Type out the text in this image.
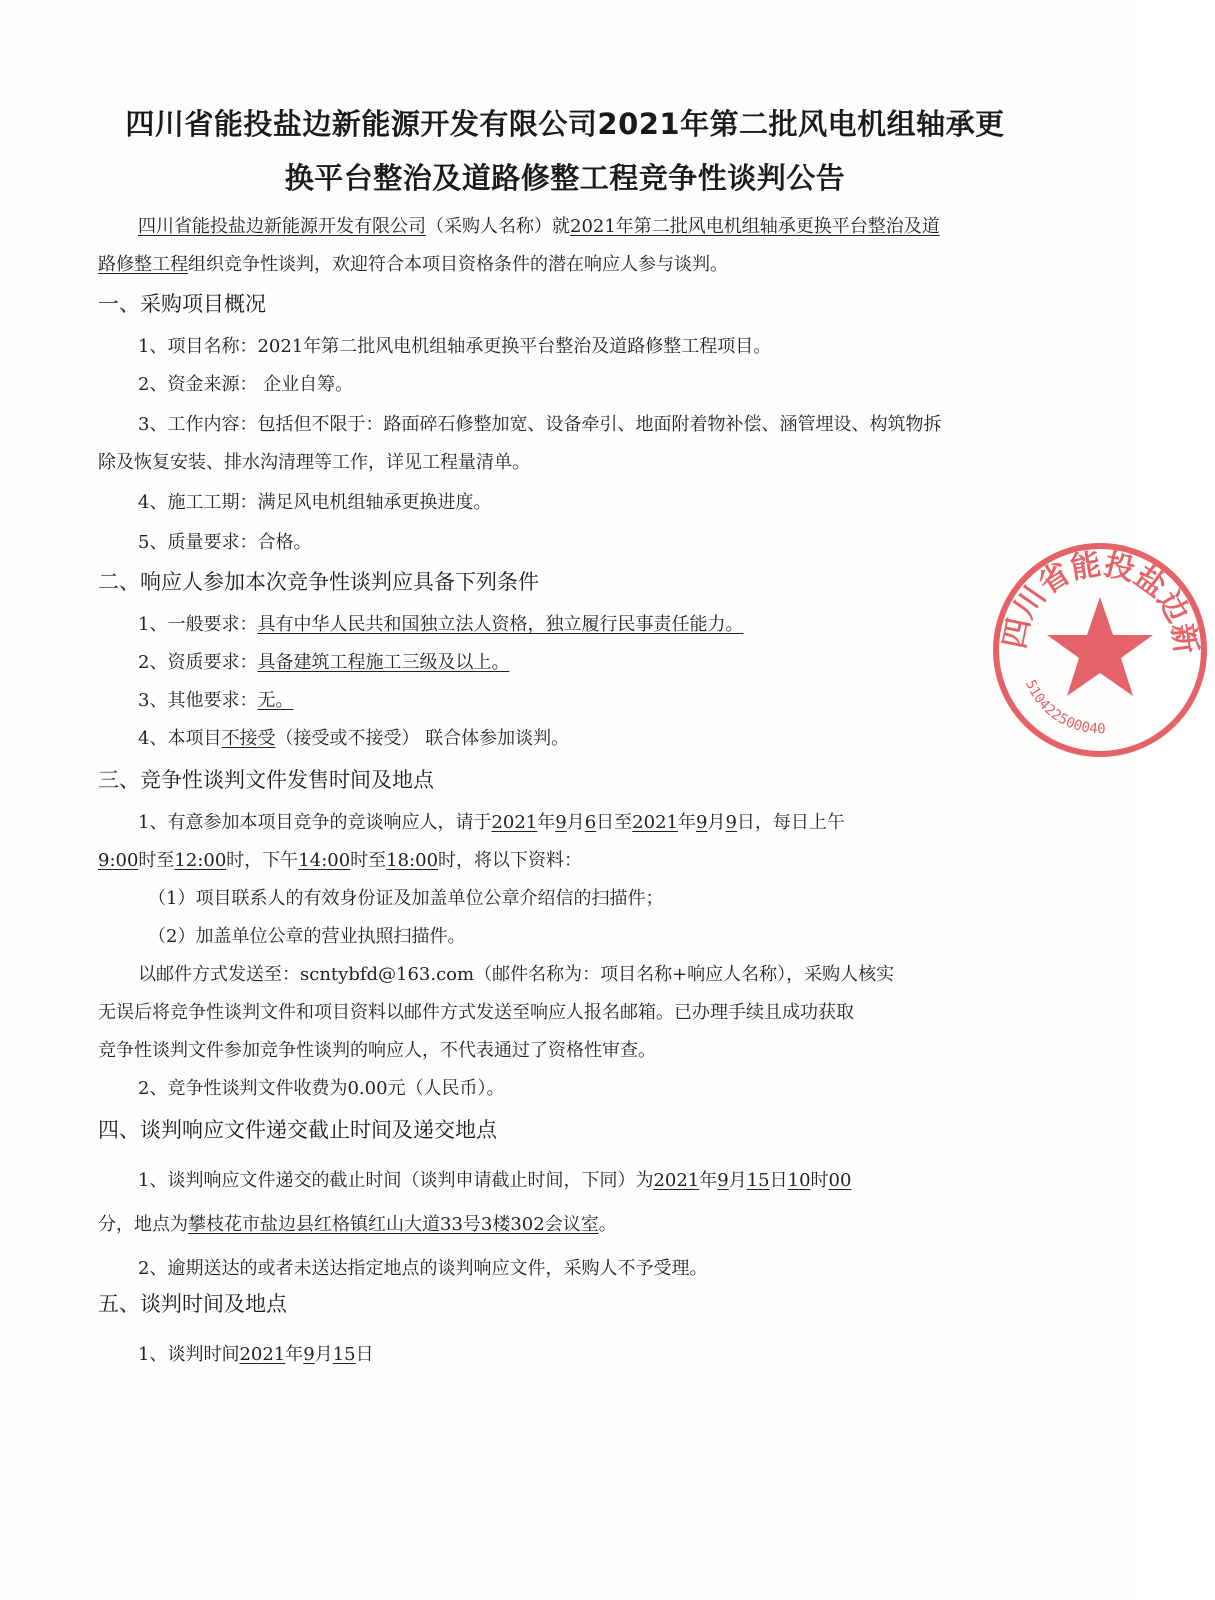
四川省能投盐边新能源开发有限公司2021年第二批风电机组轴承更
换平台整治及道路修整工程竞争性谈判公告
四川省能投盐边新能源开发有限公司（采购人名称）就2021年第二批风电机组轴承更换平台整治及道
路修整工程组织竞争性谈判，欢迎符合本项目资格条件的潜在响应人参与谈判。
一、采购项目概况
1、项目名称：2021年第二批风电机组轴承更换平台整治及道路修整工程项目。
2、资金来源： 企业自筹。
3、工作内容：包括但不限于：路面碎石修整加宽、设备牵引、地面附着物补偿、涵管埋设、构筑物拆
除及恢复安装、排水沟清理等工作，详见工程量清单。
4、施工工期：满足风电机组轴承更换进度。
5、质量要求：合格。
二、响应人参加本次竞争性谈判应具备下列条件
1、一般要求：具有中华人民共和国独立法人资格，独立履行民事责任能力。
2、资质要求：具备建筑工程施工三级及以上。
3、其他要求：无。
4、本项目不接受（接受或不接受） 联合体参加谈判。
三、竞争性谈判文件发售时间及地点
1、有意参加本项目竞争的竞谈响应人，请于2021年9月6日至2021年9月9日，每日上午
9:00时至12:00时，下午14:00时至18:00时，将以下资料：
（1）项目联系人的有效身份证及加盖单位公章介绍信的扫描件；
（2）加盖单位公章的营业执照扫描件。
以邮件方式发送至：scntybfd@163.com（邮件名称为：项目名称+响应人名称），采购人核实
无误后将竞争性谈判文件和项目资料以邮件方式发送至响应人报名邮箱。已办理手续且成功获取
竞争性谈判文件参加竞争性谈判的响应人，不代表通过了资格性审查。
2、竞争性谈判文件收费为0.00元（人民币）。
四、谈判响应文件递交截止时间及递交地点
1、谈判响应文件递交的截止时间（谈判申请截止时间，下同）为2021年9月15日10时00
分，地点为攀枝花市盐边县红格镇红山大道33号3楼302会议室。
2、逾期送达的或者未送达指定地点的谈判响应文件，采购人不予受理。
五、谈判时间及地点
1、谈判时间2021年9月15日
四川省能投盐边新
510422500040
